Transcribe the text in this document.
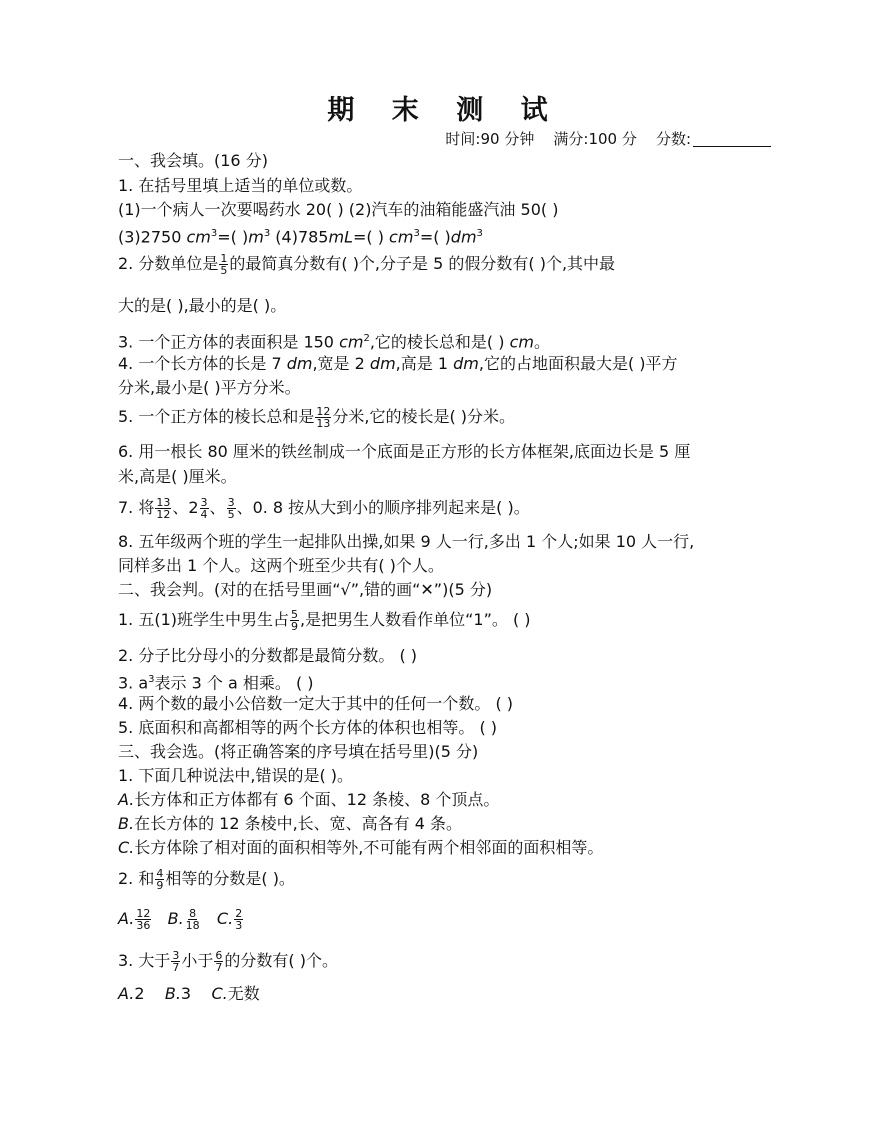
期 末 测 试
时间:90 分钟 满分:100 分 分数:
一、我会填。(16 分)
1. 在括号里填上适当的单位或数。
(1)一个病人一次要喝药水 20( ) (2)汽车的油箱能盛汽油 50( )
(3)2750 $cm^3=$( )$m^3$ (4)785mL=( ) $cm^3=$( )$dm^3$
2. 分数单位是 $\frac{1}{5}$ 的最简真分数有( )个,分子是 5 的假分数有( )个,其中最
大的是( ),最小的是( )。
3. 一个正方体的表面积是 150 $cm^2$,它的棱长总和是( ) cm。
4. 一个长方体的长是 7 dm,宽是 2 dm,高是 1 dm,它的占地面积最大是( )平方
分米,最小是( )平方分米。
5. 一个正方体的棱长总和是 $\frac{12}{13}$ 分米,它的棱长是( )分米。
6. 用一根长 80 厘米的铁丝制成一个底面是正方形的长方体框架,底面边长是 5 厘
米,高是( )厘米。
7. 将 $\frac{13}{12}$ 、$2 \frac{3}{4}$ 、 $\frac{3}{5}$ 、0. 8 按从大到小的顺序排列起来是( )。
8. 五年级两个班的学生一起排队出操,如果 9 人一行,多出 1 个人;如果 10 人一行,
同样多出 1 个人。这两个班至少共有( )个人。
二、我会判。(对的在括号里画“√”,错的画“✕”)(5 分)
1. 五(1)班学生中男生占 $\frac{5}{9}$ ,是把男生人数看作单位“1”。 ( )
2. 分子比分母小的分数都是最简分数。 ( )
3. $a^3$表示 3 个 a 相乘。 ( )
4. 两个数的最小公倍数一定大于其中的任何一个数。 ( )
5. 底面积和高都相等的两个长方体的体积也相等。 ( )
三、我会选。(将正确答案的序号填在括号里)(5 分)
1. 下面几种说法中,错误的是( )。
A.长方体和正方体都有 6 个面、12 条棱、8 个顶点。
B.在长方体的 12 条棱中,长、宽、高各有 4 条。
C.长方体除了相对面的面积相等外,不可能有两个相邻面的面积相等。
2. 和 $\frac{4}{9}$ 相等的分数是( )。
A. $\frac{12}{36} B$. $\frac{8}{18} C$. $\frac{2}{3}$
3. 大于 $\frac{3}{7}$ 小于 $\frac{6}{7}$ 的分数有( )个。
A.2 B.3 C.无数
